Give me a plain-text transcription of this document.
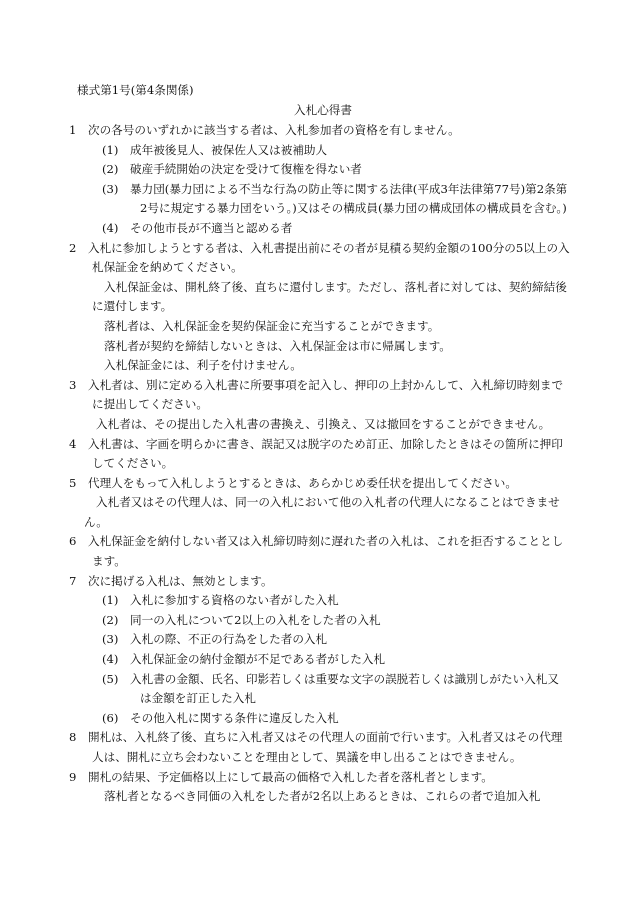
様式第1号(第4条関係)
入札心得書

1　次の各号のいずれかに該当する者は、入札参加者の資格を有しません。

(1)　成年被後見人、被保佐人又は被補助人

(2)　破産手続開始の決定を受けて復権を得ない者

(3)　暴力団(暴力団による不当な行為の防止等に関する法律(平成3年法律第77号)第2条第2号に規定する暴力団をいう。)又はその構成員(暴力団の構成団体の構成員を含む。)

(4)　その他市長が不適当と認める者

2　入札に参加しようとする者は、入札書提出前にその者が見積る契約金額の100分の5以上の入札保証金を納めてください。

入札保証金は、開札終了後、直ちに還付します。ただし、落札者に対しては、契約締結後に還付します。

落札者は、入札保証金を契約保証金に充当することができます。

落札者が契約を締結しないときは、入札保証金は市に帰属します。

入札保証金には、利子を付けません。

3　入札者は、別に定める入札書に所要事項を記入し、押印の上封かんして、入札締切時刻までに提出してください。

入札者は、その提出した入札書の書換え、引換え、又は撤回をすることができません。

4　入札書は、字画を明らかに書き、誤記又は脱字のため訂正、加除したときはその箇所に押印してください。

5　代理人をもって入札しようとするときは、あらかじめ委任状を提出してください。

入札者又はその代理人は、同一の入札において他の入札者の代理人になることはできません。

6　入札保証金を納付しない者又は入札締切時刻に遅れた者の入札は、これを拒否することとします。

7　次に掲げる入札は、無効とします。

(1)　入札に参加する資格のない者がした入札

(2)　同一の入札について2以上の入札をした者の入札

(3)　入札の際、不正の行為をした者の入札

(4)　入札保証金の納付金額が不足である者がした入札

(5)　入札書の金額、氏名、印影若しくは重要な文字の誤脱若しくは識別しがたい入札又は金額を訂正した入札

(6)　その他入札に関する条件に違反した入札

8　開札は、入札終了後、直ちに入札者又はその代理人の面前で行います。入札者又はその代理人は、開札に立ち会わないことを理由として、異議を申し出ることはできません。

9　開札の結果、予定価格以上にして最高の価格で入札した者を落札者とします。

落札者となるべき同価の入札をした者が2名以上あるときは、これらの者で追加入札
